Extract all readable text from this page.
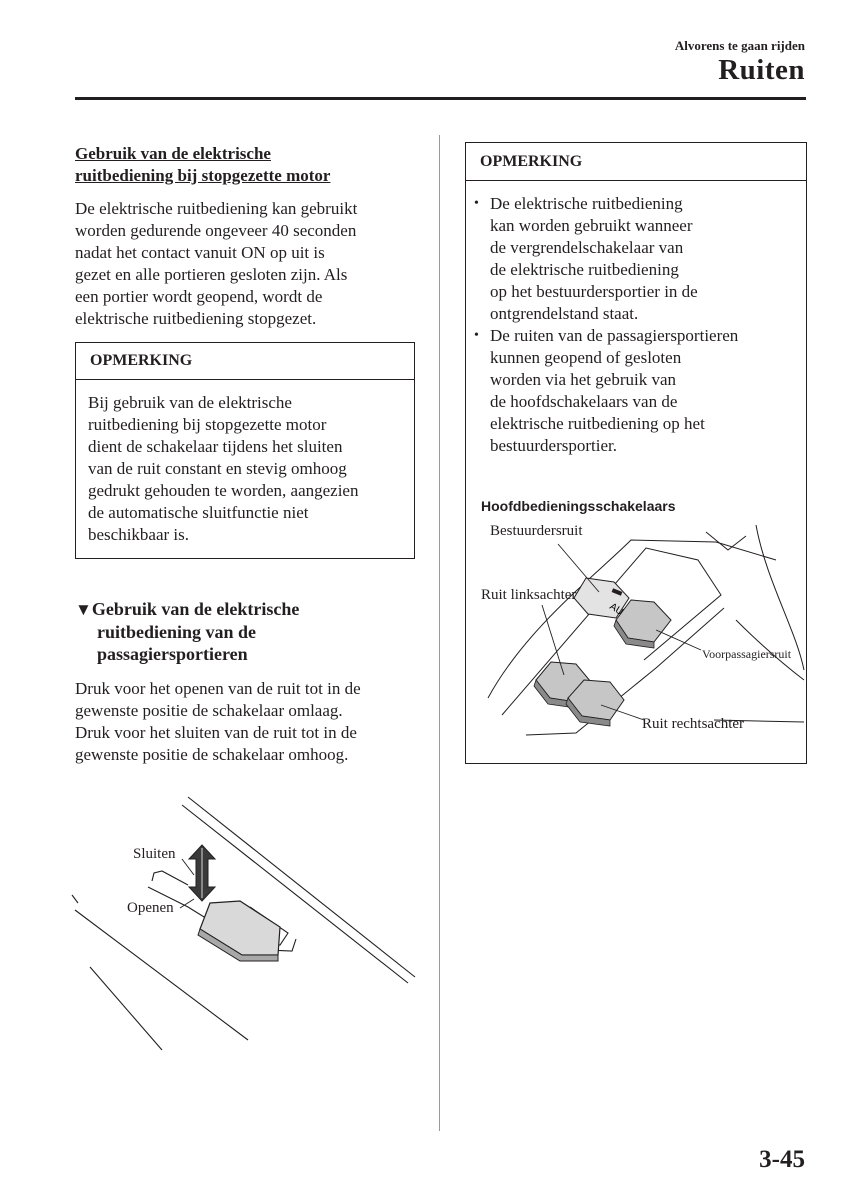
Alvorens te gaan rijden
Ruiten
Gebruik van de elektrische
ruitbediening bij stopgezette motor
De elektrische ruitbediening kan gebruikt
worden gedurende ongeveer 40 seconden
nadat het contact vanuit ON op uit is
gezet en alle portieren gesloten zijn. Als
een portier wordt geopend, wordt de
elektrische ruitbediening stopgezet.
OPMERKING
Bij gebruik van de elektrische
ruitbediening bij stopgezette motor
dient de schakelaar tijdens het sluiten
van de ruit constant en stevig omhoog
gedrukt gehouden te worden, aangezien
de automatische sluitfunctie niet
beschikbaar is.
▼Gebruik van de elektrische
ruitbediening van de
passagiersportieren
Druk voor het openen van de ruit tot in de
gewenste positie de schakelaar omlaag.
Druk voor het sluiten van de ruit tot in de
gewenste positie de schakelaar omhoog.
Sluiten
Openen
OPMERKING
• De elektrische ruitbediening
kan worden gebruikt wanneer
de vergrendelschakelaar van
de elektrische ruitbediening
op het bestuurdersportier in de
ontgrendelstand staat.
• De ruiten van de passagiersportieren
kunnen geopend of gesloten
worden via het gebruik van
de hoofdschakelaars van de
elektrische ruitbediening op het
bestuurdersportier.
Hoofdbedieningsschakelaars
Bestuurdersruit
Ruit linksachter
Voorpassagiersruit
Ruit rechtsachter
3-45
